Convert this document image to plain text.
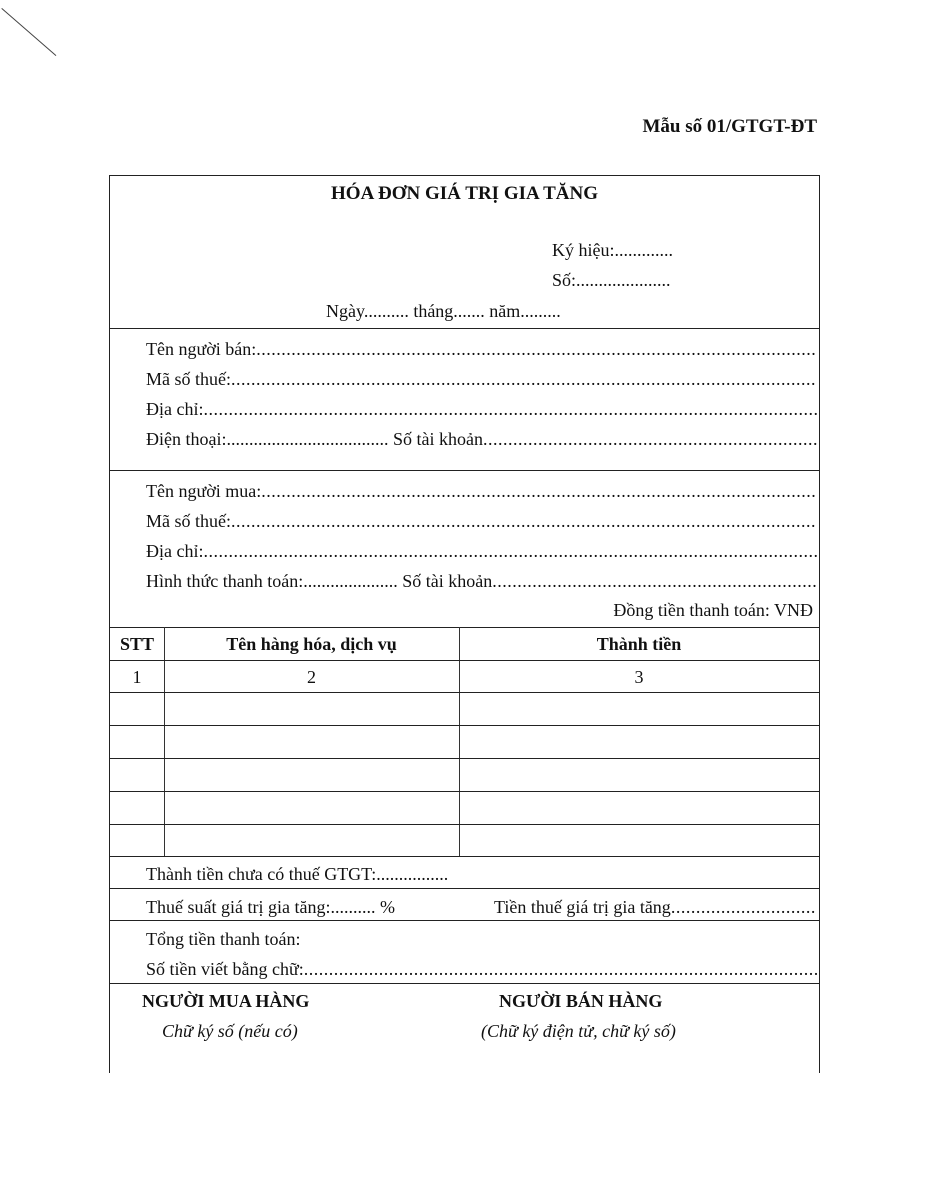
Mẫu số 01/GTGT-ĐT
HÓA ĐƠN GIÁ TRỊ GIA TĂNG
Ký hiệu:.............
Số:.....................
Ngày.......... tháng....... năm.........
Tên người bán:
.....
Mã số thuế:
.....
Địa chỉ:
.....
Điện thoại:....................................
Số tài khoản
.....
Tên người mua:
.....
Mã số thuế:
.....
Địa chỉ:
.....
Hình thức thanh toán:.....................
Số tài khoản
.....
Đồng tiền thanh toán: VNĐ
STT	Tên hàng hóa, dịch vụ	Thành tiền
1	2	3
Thành tiền chưa có thuế GTGT:................
Thuế suất giá trị gia tăng:.......... %	Tiền thuế giá trị gia tăng
.....
Tổng tiền thanh toán:
Số tiền viết bằng chữ:
.....
NGƯỜI MUA HÀNG
Chữ ký số (nếu có)
NGƯỜI BÁN HÀNG
(Chữ ký điện tử, chữ ký số)
